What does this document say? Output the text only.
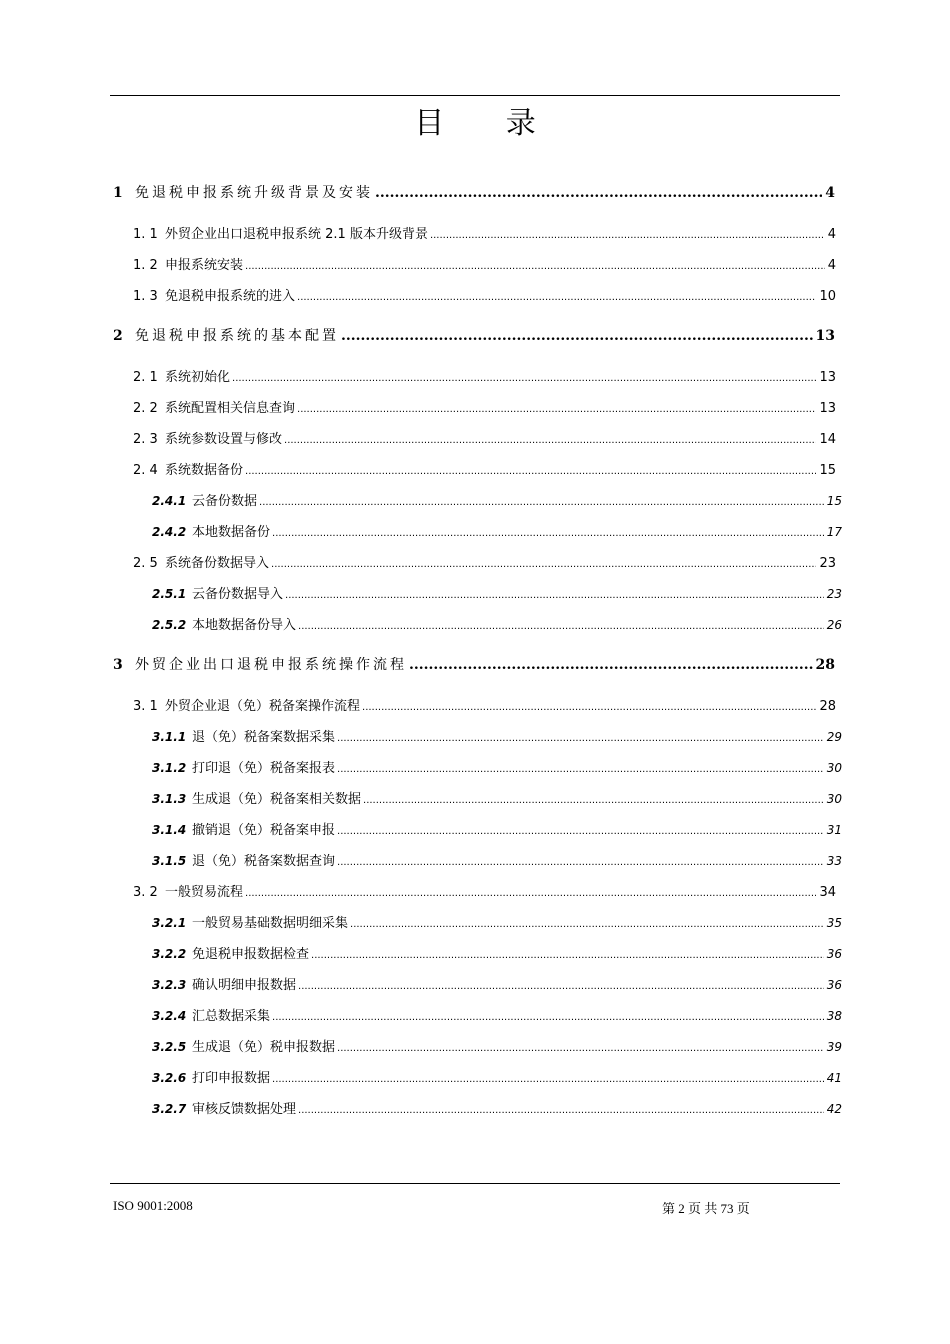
目 录
1 免退税申报系统升级背景及安装 .....	4
1. 1 外贸企业出口退税申报系统 2.1 版本升级背景 .....	4
1. 2 申报系统安装 .....	4
1. 3 免退税申报系统的进入 .....	10
2 免退税申报系统的基本配置 .....	13
2. 1 系统初始化 .....	13
2. 2 系统配置相关信息查询 .....	13
2. 3 系统参数设置与修改 .....	14
2. 4 系统数据备份 .....	15
2.4.1 云备份数据 .....	15
2.4.2 本地数据备份 .....	17
2. 5 系统备份数据导入 .....	23
2.5.1 云备份数据导入 .....	23
2.5.2 本地数据备份导入 .....	26
3 外贸企业出口退税申报系统操作流程 .....	28
3. 1 外贸企业退（免）税备案操作流程 .....	28
3.1.1 退（免）税备案数据采集 .....	29
3.1.2 打印退（免）税备案报表 .....	30
3.1.3 生成退（免）税备案相关数据 .....	30
3.1.4 撤销退（免）税备案申报 .....	31
3.1.5 退（免）税备案数据查询 .....	33
3. 2 一般贸易流程 .....	34
3.2.1 一般贸易基础数据明细采集 .....	35
3.2.2 免退税申报数据检查 .....	36
3.2.3 确认明细申报数据 .....	36
3.2.4 汇总数据采集 .....	38
3.2.5 生成退（免）税申报数据 .....	39
3.2.6 打印申报数据 .....	41
3.2.7 审核反馈数据处理 .....	42
ISO 9001:2008	第 2 页 共 73 页
